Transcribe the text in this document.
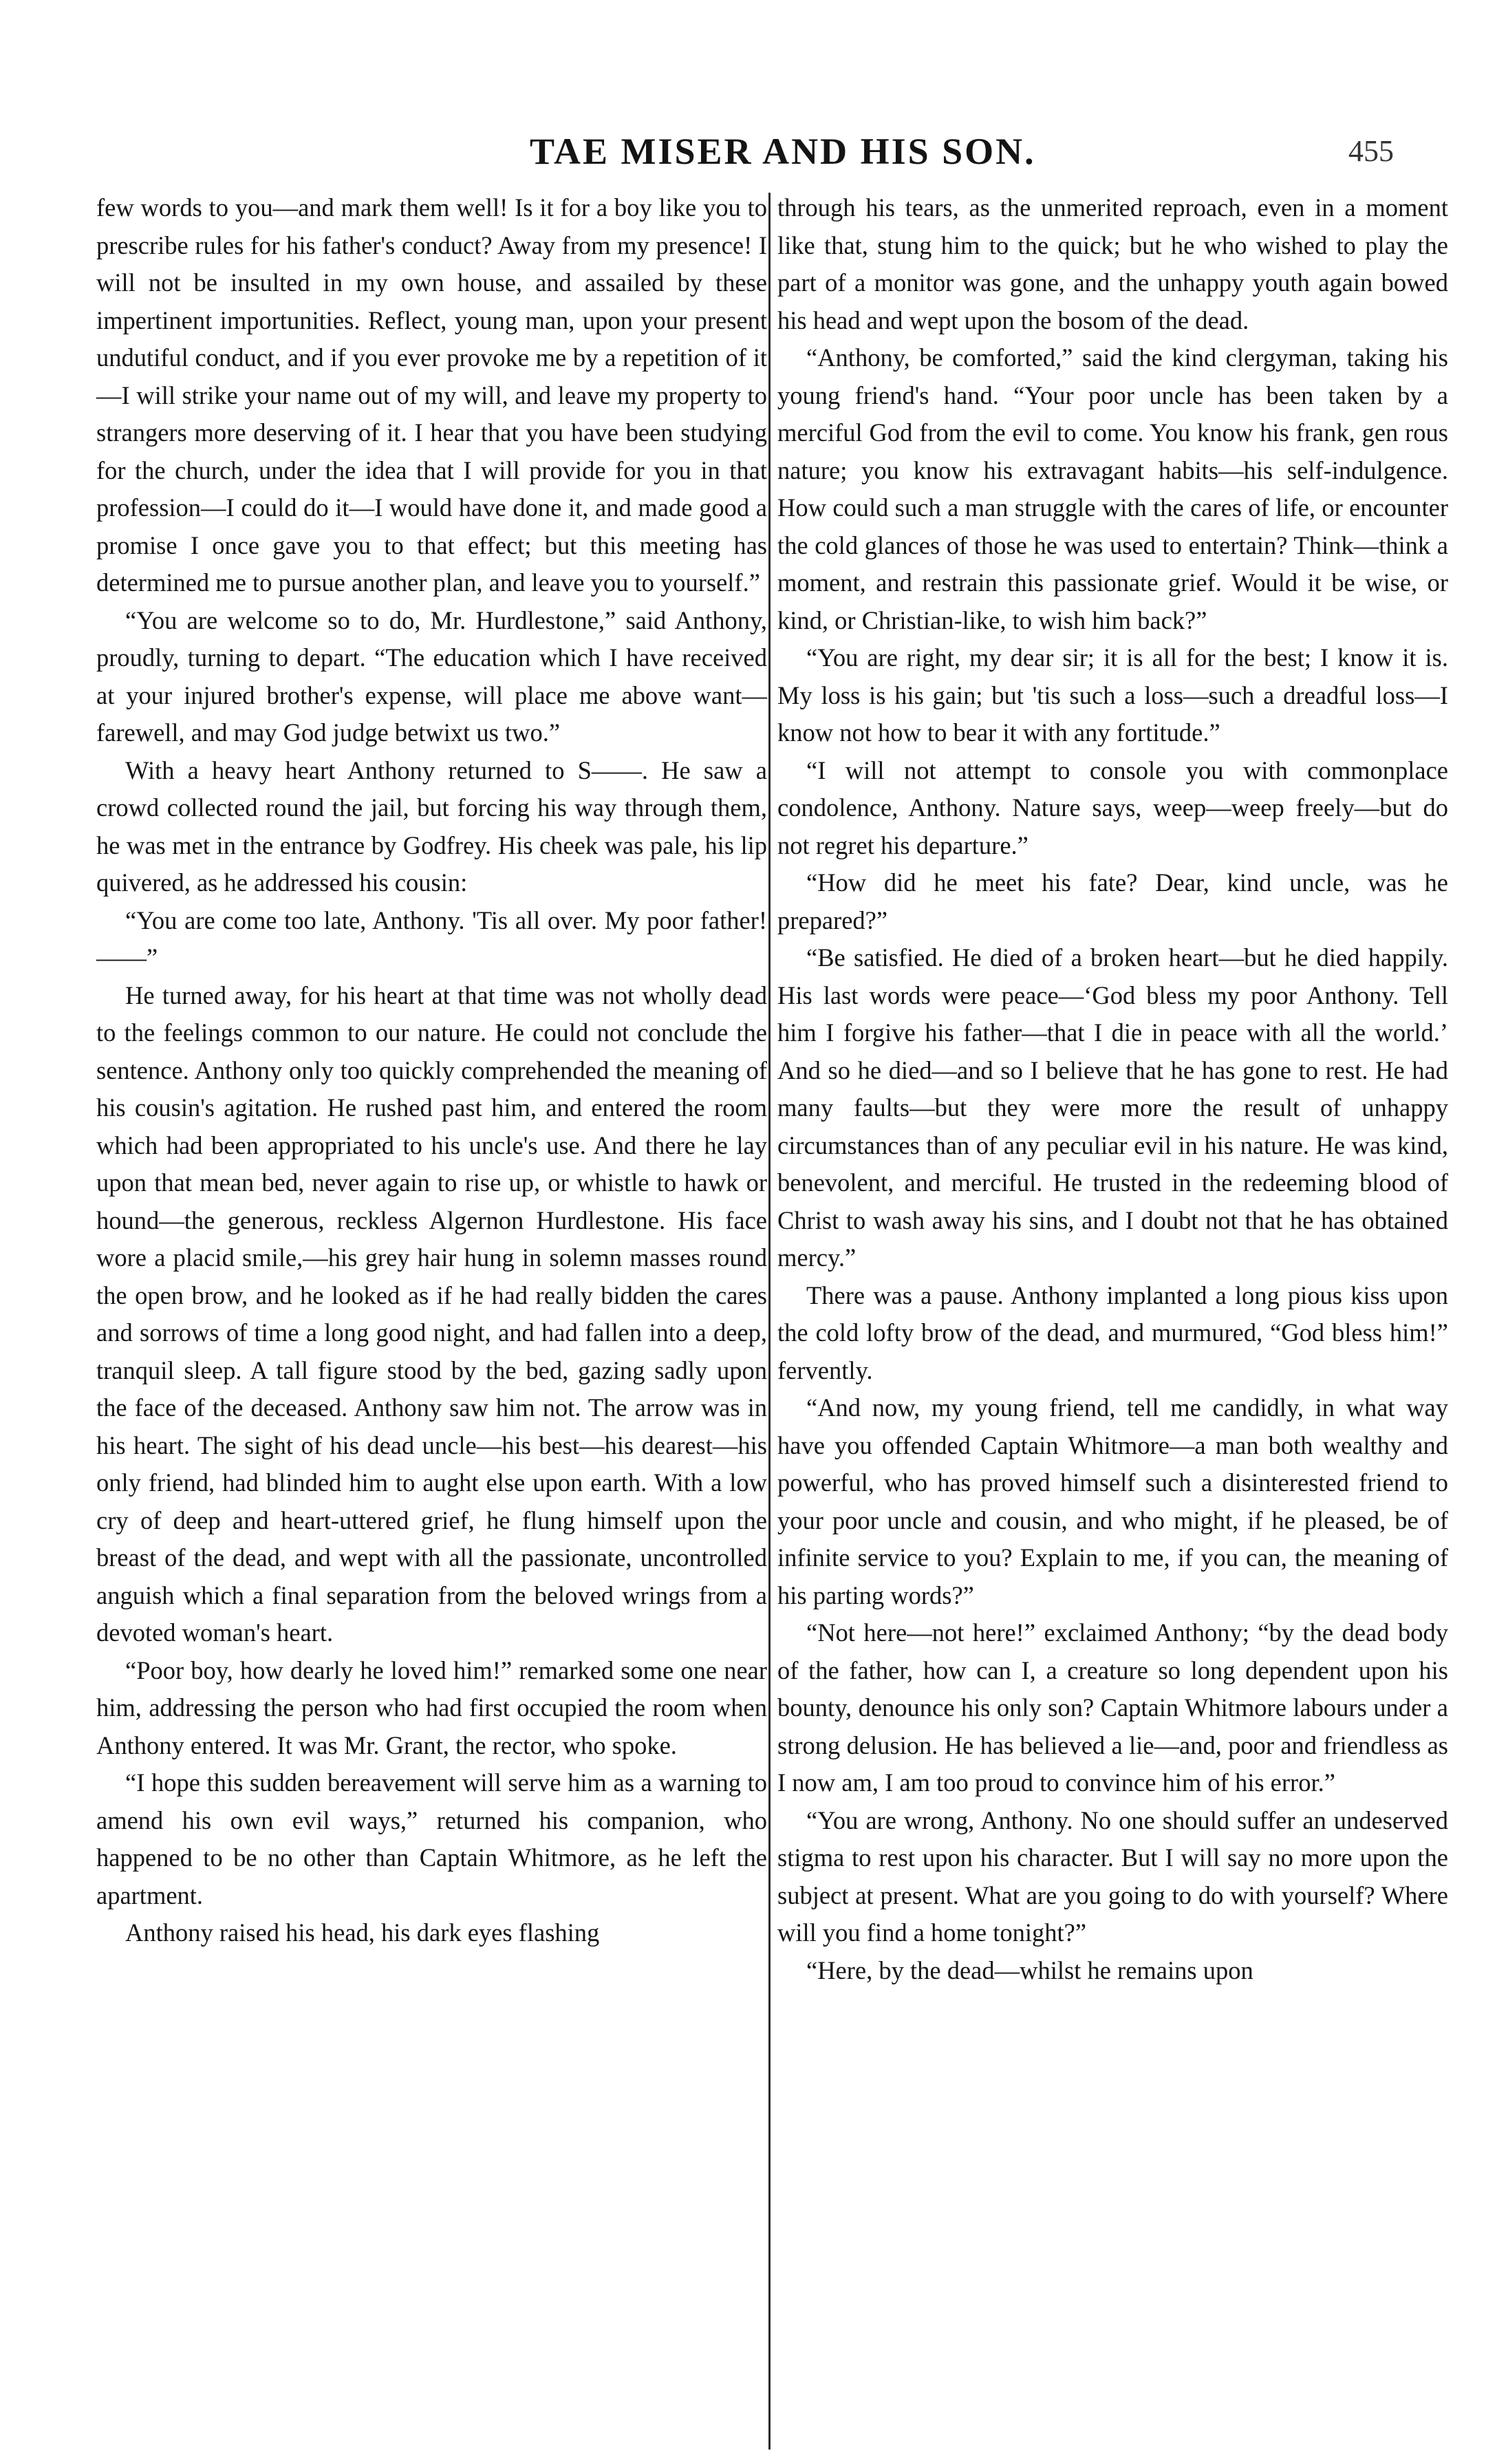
TAE MISER AND HIS SON.	455

few words to you—and mark them well! Is it for a boy like you to prescribe rules for his father's conduct? Away from my presence! I will not be insulted in my own house, and assailed by these impertinent importunities. Reflect, young man, upon your present undutiful conduct, and if you ever provoke me by a repetition of it—I will strike your name out of my will, and leave my property to strangers more deserving of it. I hear that you have been studying for the church, under the idea that I will provide for you in that profession—I could do it—I would have done it, and made good a promise I once gave you to that effect; but this meeting has determined me to pursue another plan, and leave you to yourself.”

“You are welcome so to do, Mr. Hurdlestone,” said Anthony, proudly, turning to depart. “The education which I have received at your injured brother's expense, will place me above want—farewell, and may God judge betwixt us two.”

With a heavy heart Anthony returned to S——. He saw a crowd collected round the jail, but forcing his way through them, he was met in the entrance by Godfrey. His cheek was pale, his lip quivered, as he addressed his cousin:

“You are come too late, Anthony. 'Tis all over. My poor father! ——”

He turned away, for his heart at that time was not wholly dead to the feelings common to our nature. He could not conclude the sentence. Anthony only too quickly comprehended the meaning of his cousin's agitation. He rushed past him, and entered the room which had been appropriated to his uncle's use. And there he lay upon that mean bed, never again to rise up, or whistle to hawk or hound—the generous, reckless Algernon Hurdlestone. His face wore a placid smile,—his grey hair hung in solemn masses round the open brow, and he looked as if he had really bidden the cares and sorrows of time a long good night, and had fallen into a deep, tranquil sleep. A tall figure stood by the bed, gazing sadly upon the face of the deceased. Anthony saw him not. The arrow was in his heart. The sight of his dead uncle—his best—his dearest—his only friend, had blinded him to aught else upon earth. With a low cry of deep and heart-uttered grief, he flung himself upon the breast of the dead, and wept with all the passionate, uncontrolled anguish which a final separation from the beloved wrings from a devoted woman's heart.

“Poor boy, how dearly he loved him!” remarked some one near him, addressing the person who had first occupied the room when Anthony entered. It was Mr. Grant, the rector, who spoke.

“I hope this sudden bereavement will serve him as a warning to amend his own evil ways,” returned his companion, who happened to be no other than Captain Whitmore, as he left the apartment.

Anthony raised his head, his dark eyes flashing

through his tears, as the unmerited reproach, even in a moment like that, stung him to the quick; but he who wished to play the part of a monitor was gone, and the unhappy youth again bowed his head and wept upon the bosom of the dead.

“Anthony, be comforted,” said the kind clergyman, taking his young friend's hand. “Your poor uncle has been taken by a merciful God from the evil to come. You know his frank, gen rous nature; you know his extravagant habits—his self-indulgence. How could such a man struggle with the cares of life, or encounter the cold glances of those he was used to entertain? Think—think a moment, and restrain this passionate grief. Would it be wise, or kind, or Christian-like, to wish him back?”

“You are right, my dear sir; it is all for the best; I know it is. My loss is his gain; but 'tis such a loss—such a dreadful loss—I know not how to bear it with any fortitude.”

“I will not attempt to console you with commonplace condolence, Anthony. Nature says, weep—weep freely—but do not regret his departure.”

“How did he meet his fate? Dear, kind uncle, was he prepared?”

“Be satisfied. He died of a broken heart—but he died happily. His last words were peace—‘God bless my poor Anthony. Tell him I forgive his father—that I die in peace with all the world.’ And so he died—and so I believe that he has gone to rest. He had many faults—but they were more the result of unhappy circumstances than of any peculiar evil in his nature. He was kind, benevolent, and merciful. He trusted in the redeeming blood of Christ to wash away his sins, and I doubt not that he has obtained mercy.”

There was a pause. Anthony implanted a long pious kiss upon the cold lofty brow of the dead, and murmured, “God bless him!” fervently.

“And now, my young friend, tell me candidly, in what way have you offended Captain Whitmore—a man both wealthy and powerful, who has proved himself such a disinterested friend to your poor uncle and cousin, and who might, if he pleased, be of infinite service to you? Explain to me, if you can, the meaning of his parting words?”

“Not here—not here!” exclaimed Anthony; “by the dead body of the father, how can I, a creature so long dependent upon his bounty, denounce his only son? Captain Whitmore labours under a strong delusion. He has believed a lie—and, poor and friendless as I now am, I am too proud to convince him of his error.”

“You are wrong, Anthony. No one should suffer an undeserved stigma to rest upon his character. But I will say no more upon the subject at present. What are you going to do with yourself? Where will you find a home tonight?”

“Here, by the dead—whilst he remains upon
